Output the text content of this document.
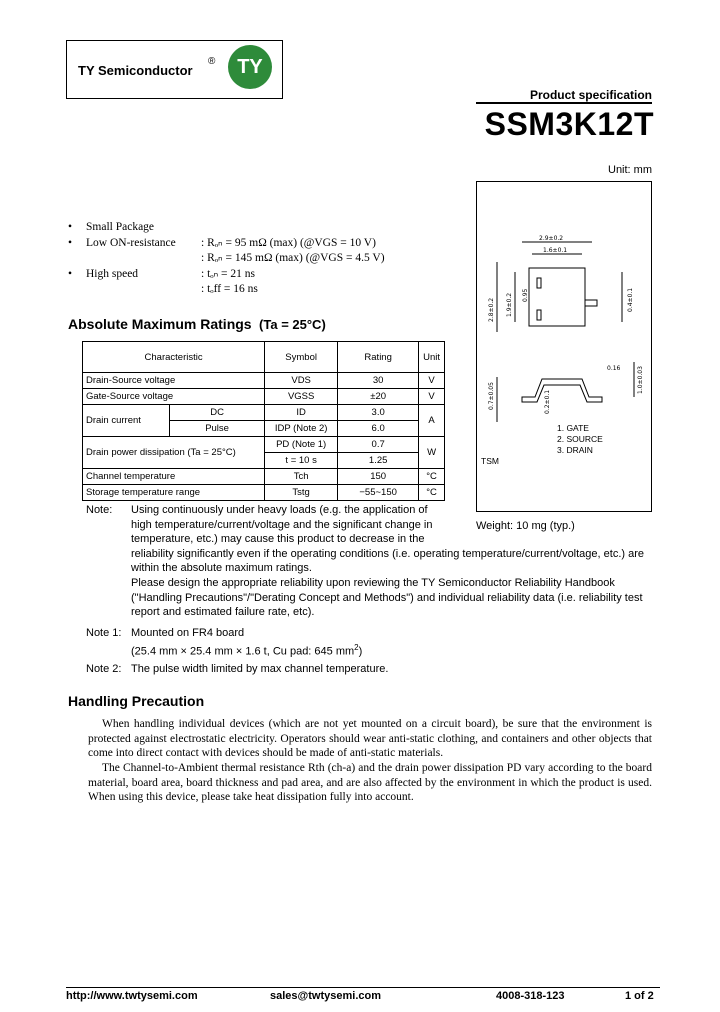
TY Semiconductor
®	TY
Product specification
SSM3K12T
Unit: mm
• Small Package
• Low ON-resistance : Rₒₙ = 95 mΩ (max) (@VGS = 10 V)
: Rₒₙ = 145 mΩ (max) (@VGS = 4.5 V)
• High speed	: tₒₙ = 21 ns
: tₒff = 16 ns
Absolute Maximum Ratings (Ta = 25°C)
Characteristic		Symbol	Rating	Unit
Drain-Source voltage		VDS	30	V
Gate-Source voltage		VGSS	±20	V
Drain current	DC	ID	3.0	A
	Pulse	IDP (Note 2)	6.0	
Drain power dissipation (Ta = 25°C)		PD (Note 1)	0.7	W
		t = 10 s	1.25	
Channel temperature		Tch	150	°C
Storage temperature range		Tstg	−55~150	°C
2.9±0.2
1.6±0.1
2.8±0.2 1.9±0.2 0.95	0.4±0.1
0.16	1.0±0.03
0.7±0.05	0.2±0.1
1. GATE
2. SOURCE
3. DRAIN
TSM
Weight: 10 mg (typ.)
Note: Using continuously under heavy loads (e.g. the application of
high temperature/current/voltage and the significant change in
temperature, etc.) may cause this product to decrease in the
reliability significantly even if the operating conditions (i.e. operating temperature/current/voltage, etc.) are
within the absolute maximum ratings.
Please design the appropriate reliability upon reviewing the TY Semiconductor Reliability Handbook
("Handling Precautions"/"Derating Concept and Methods") and individual reliability data (i.e. reliability test
report and estimated failure rate, etc).
Note 1: Mounted on FR4 board
(25.4 mm × 25.4 mm × 1.6 t, Cu pad: 645 $mm^2$)
Note 2: The pulse width limited by max channel temperature.
Handling Precaution
When handling individual devices (which are not yet mounted on a circuit board), be sure that the environment is protected against electrostatic electricity. Operators should wear anti-static clothing, and containers and other objects that come into direct contact with devices should be made of anti-static materials.
The Channel-to-Ambient thermal resistance Rth (ch-a) and the drain power dissipation PD vary according to the board material, board area, board thickness and pad area, and are also affected by the environment in which the product is used. When using this device, please take heat dissipation fully into account.
http://www.twtysemi.com	sales@twtysemi.com	4008-318-123	1 of 2
